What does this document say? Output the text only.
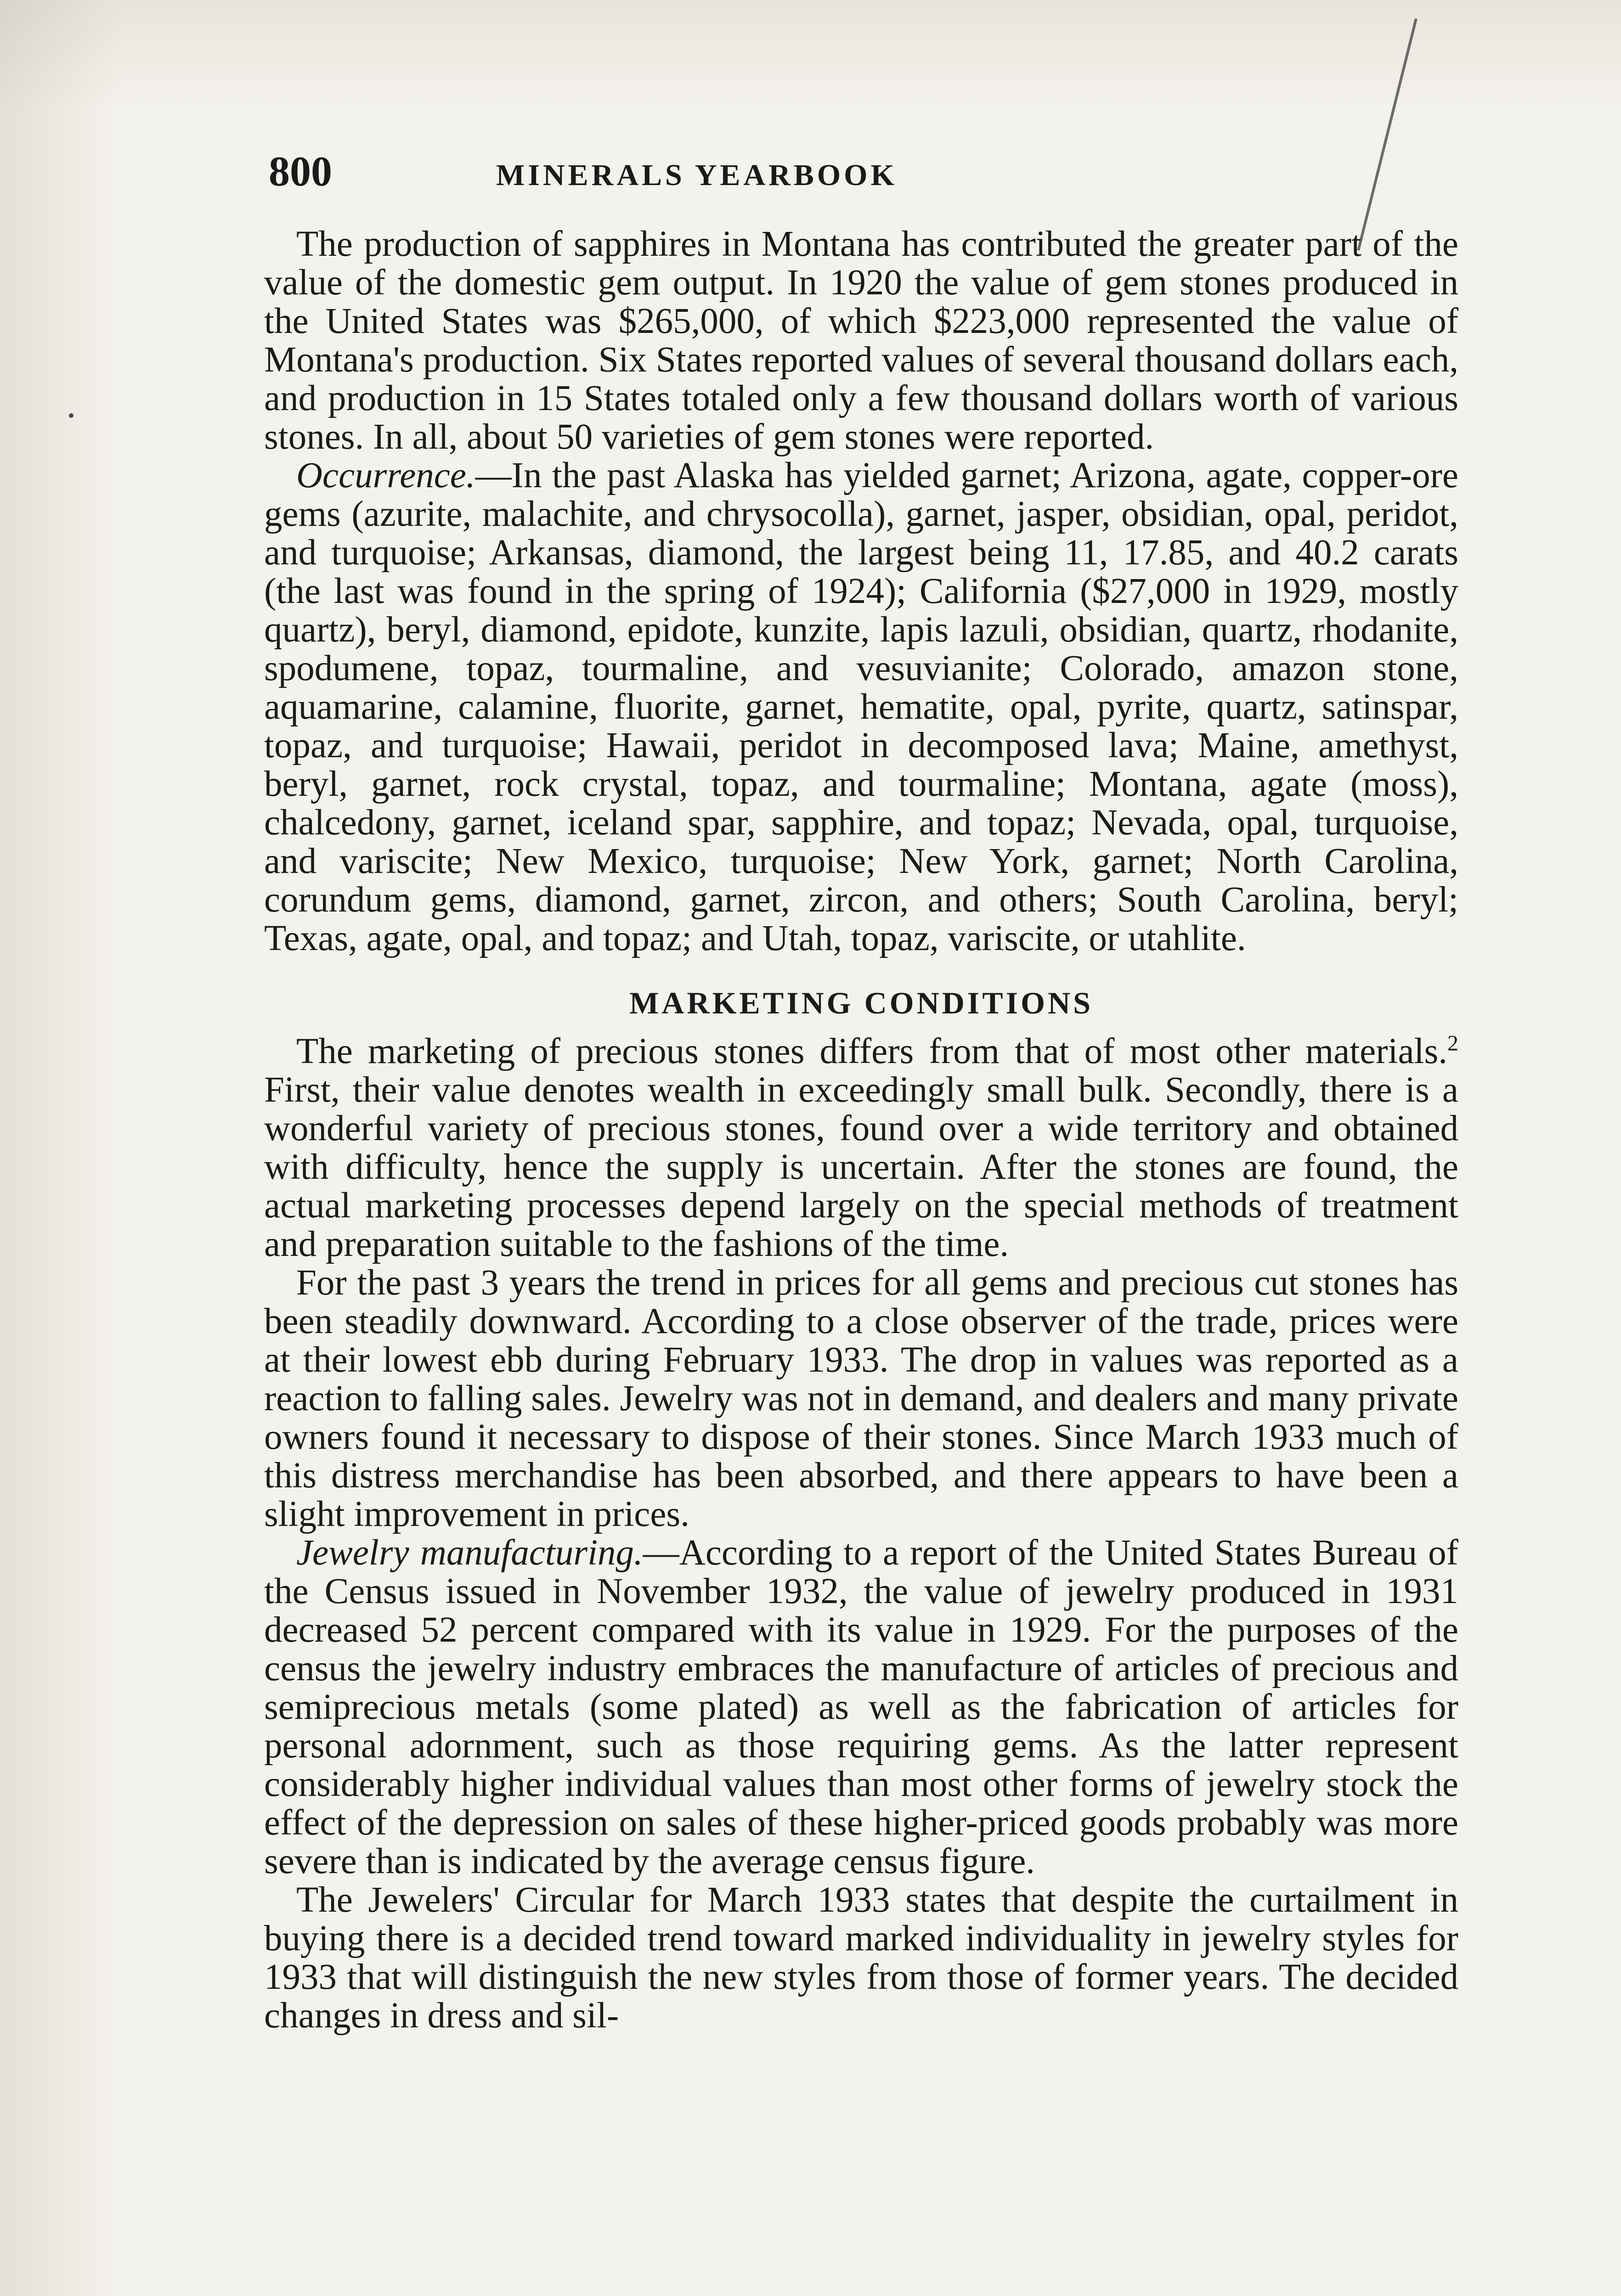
800	MINERALS YEARBOOK

The production of sapphires in Montana has contributed the greater part of the value of the domestic gem output. In 1920 the value of gem stones produced in the United States was $265,000, of which $223,000 represented the value of Montana's production. Six States reported values of several thousand dollars each, and production in 15 States totaled only a few thousand dollars worth of various stones. In all, about 50 varieties of gem stones were reported.

Occurrence.—In the past Alaska has yielded garnet; Arizona, agate, copper-ore gems (azurite, malachite, and chrysocolla), garnet, jasper, obsidian, opal, peridot, and turquoise; Arkansas, diamond, the largest being 11, 17.85, and 40.2 carats (the last was found in the spring of 1924); California ($27,000 in 1929, mostly quartz), beryl, diamond, epidote, kunzite, lapis lazuli, obsidian, quartz, rhodanite, spodumene, topaz, tourmaline, and vesuvianite; Colorado, amazon stone, aquamarine, calamine, fluorite, garnet, hematite, opal, pyrite, quartz, satinspar, topaz, and turquoise; Hawaii, peridot in decomposed lava; Maine, amethyst, beryl, garnet, rock crystal, topaz, and tourmaline; Montana, agate (moss), chalcedony, garnet, iceland spar, sapphire, and topaz; Nevada, opal, turquoise, and variscite; New Mexico, turquoise; New York, garnet; North Carolina, corundum gems, diamond, garnet, zircon, and others; South Carolina, beryl; Texas, agate, opal, and topaz; and Utah, topaz, variscite, or utahlite.

MARKETING CONDITIONS

The marketing of precious stones differs from that of most other materials.$^2$ First, their value denotes wealth in exceedingly small bulk. Secondly, there is a wonderful variety of precious stones, found over a wide territory and obtained with difficulty, hence the supply is uncertain. After the stones are found, the actual marketing processes depend largely on the special methods of treatment and preparation suitable to the fashions of the time.

For the past 3 years the trend in prices for all gems and precious cut stones has been steadily downward. According to a close observer of the trade, prices were at their lowest ebb during February 1933. The drop in values was reported as a reaction to falling sales. Jewelry was not in demand, and dealers and many private owners found it necessary to dispose of their stones. Since March 1933 much of this distress merchandise has been absorbed, and there appears to have been a slight improvement in prices.

Jewelry manufacturing.—According to a report of the United States Bureau of the Census issued in November 1932, the value of jewelry produced in 1931 decreased 52 percent compared with its value in 1929. For the purposes of the census the jewelry industry embraces the manufacture of articles of precious and semiprecious metals (some plated) as well as the fabrication of articles for personal adornment, such as those requiring gems. As the latter represent considerably higher individual values than most other forms of jewelry stock the effect of the depression on sales of these higher-priced goods probably was more severe than is indicated by the average census figure.

The Jewelers' Circular for March 1933 states that despite the curtailment in buying there is a decided trend toward marked individuality in jewelry styles for 1933 that will distinguish the new styles from those of former years. The decided changes in dress and sil-
